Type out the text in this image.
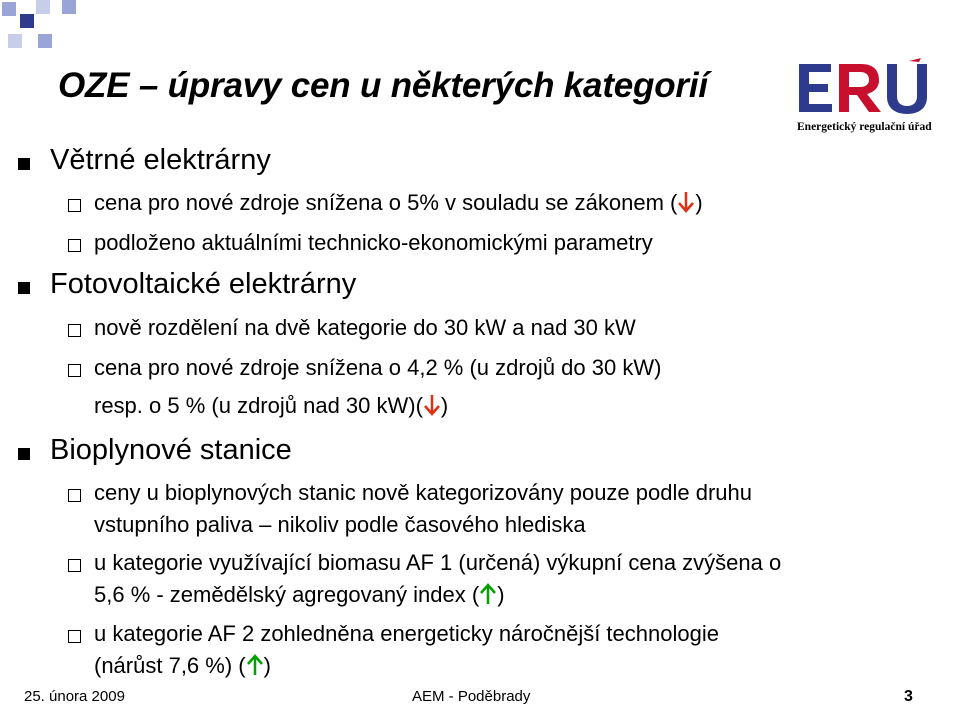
OZE – úpravy cen u některých kategorií
Energetický regulační úřad
Větrné elektrárny
cena pro nové zdroje snížena o 5% v souladu se zákonem ( )
podloženo aktuálními technicko-ekonomickými parametry
Fotovoltaické elektrárny
nově rozdělení na dvě kategorie do 30 kW a nad 30 kW
cena pro nové zdroje snížena o 4,2 % (u zdrojů do 30 kW)
resp. o 5 % (u zdrojů nad 30 kW)( )
Bioplynové stanice
ceny u bioplynových stanic nově kategorizovány pouze podle druhu
vstupního paliva – nikoliv podle časového hlediska
u kategorie využívající biomasu AF 1 (určená) výkupní cena zvýšena o
5,6 % - zemědělský agregovaný index ( )
u kategorie AF 2 zohledněna energeticky náročnější technologie
(nárůst 7,6 %) ( )
25. února 2009	AEM - Poděbrady	3
